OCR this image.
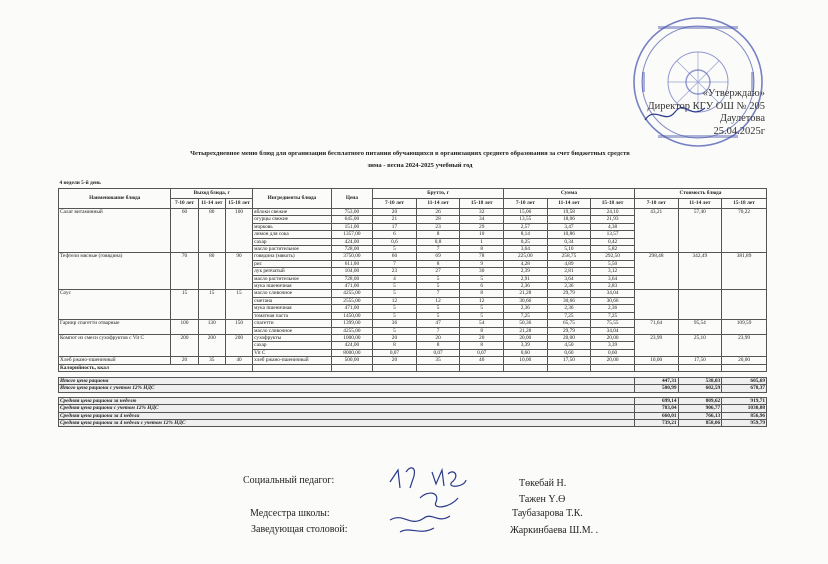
«Утверждаю»
Директор КГУ ОШ № 205
Даулетова
25.04.2025г
Четырехдневное меню блюд для организации бесплатного питания обучающихся в организациях среднего образования за счет бюджетных средств
зима - весна 2024-2025 учебный год
4 недели 5-й день														
Наименование блюда	Выход блюда, г			Ингредиенты блюда	Цена	Брутто, г			Сумма			Стоимость блюда		
	7-10 лет	11-14 лет	15-18 лет			7-10 лет	11-14 лет	15-18 лет	7-10 лет	11-14 лет	15-18 лет	7-10 лет	11-14 лет	15-18 лет
Салат витаминный	60	80	100	яблоки свежие	753,00	20	26	32	15,06	19,58	24,10	43,21	57,40	70,22
				огурцы свежие	645,00	21	28	34	13,55	18,06	21,93			
				морковь	151,00	17	23	29	2,57	3,47	4,38			
				лимон для сока	1357,00	6	8	10	8,14	10,86	13,57			
				сахар	424,00	0,6	0,8	1	0,25	0,34	0,42			
				масло растительное	728,00	5	7	8	3,64	5,10	5,82			
Тефтели мясные (говядина)	70	80	90	говядина (мякоть)	3750,00	60	69	78	225,00	258,75	292,50	298,48	342,49	381,89
				рис	611,00	7	8	9	4,28	4,89	5,50			
				лук репчатый	104,00	23	27	30	2,39	2,81	3,12			
				масло растительное	728,00	4	5	5	2,91	3,64	3,64			
				мука пшеничная	471,00	5	5	6	2,36	2,36	2,83			
Соус	15	15	15	масло сливочное	4255,00	5	7	8	21,28	29,79	34,04			
				сметана	2555,00	12	12	12	30,66	30,66	30,66			
				мука пшеничная	471,00	5	5	5	2,36	2,36	2,36			
				томатная паста	1450,00	5	5	5	7,25	7,25	7,25			
Гарнир спагетти отварные	100	130	150	спагетти	1399,00	36	47	54	50,36	65,75	75,55	71,64	95,54	109,59
				масло сливочное	4255,00	5	7	8	21,28	29,79	34,04			
Компот из смеси сухофруктов с Vit C	200	200	200	сухофрукты	1000,00	20	20	20	20,00	20,00	20,00	23,99	25,10	23,99
				сахар	424,00	8	8	8	3,39	4,50	3,39			
				Vit C	8000,00	0,07	0,07	0,07	0,60	0,60	0,60			
Хлеб ржано-пшеничный	20	35	40	хлеб ржано-пшеничный	500,00	20	35	40	10,00	17,50	20,00	10,00	17,50	20,00
Калорийность, ккал														

Итого цена рациона												447,31	538,03	605,69
Итого цена рациона с учетом 12% НДС												500,99	602,59	678,37

Средняя цена рациона за неделю												699,14	809,62	919,71
Средняя цена рациона с учетом 12% НДС												783,04	906,77	1030,08
Средняя цена рациона за 4 недели												660,01	766,13	856,96
Средняя цена рациона за 4 недели с учетом 12% НДС												739,21	858,06	959,79
Социальный педагог:	Төкебай Н.
Тажен Ү.Ө
Медсестра школы:	Таубазарова Т.К.
Заведующая столовой:	Жаркинбаева Ш.М. .
